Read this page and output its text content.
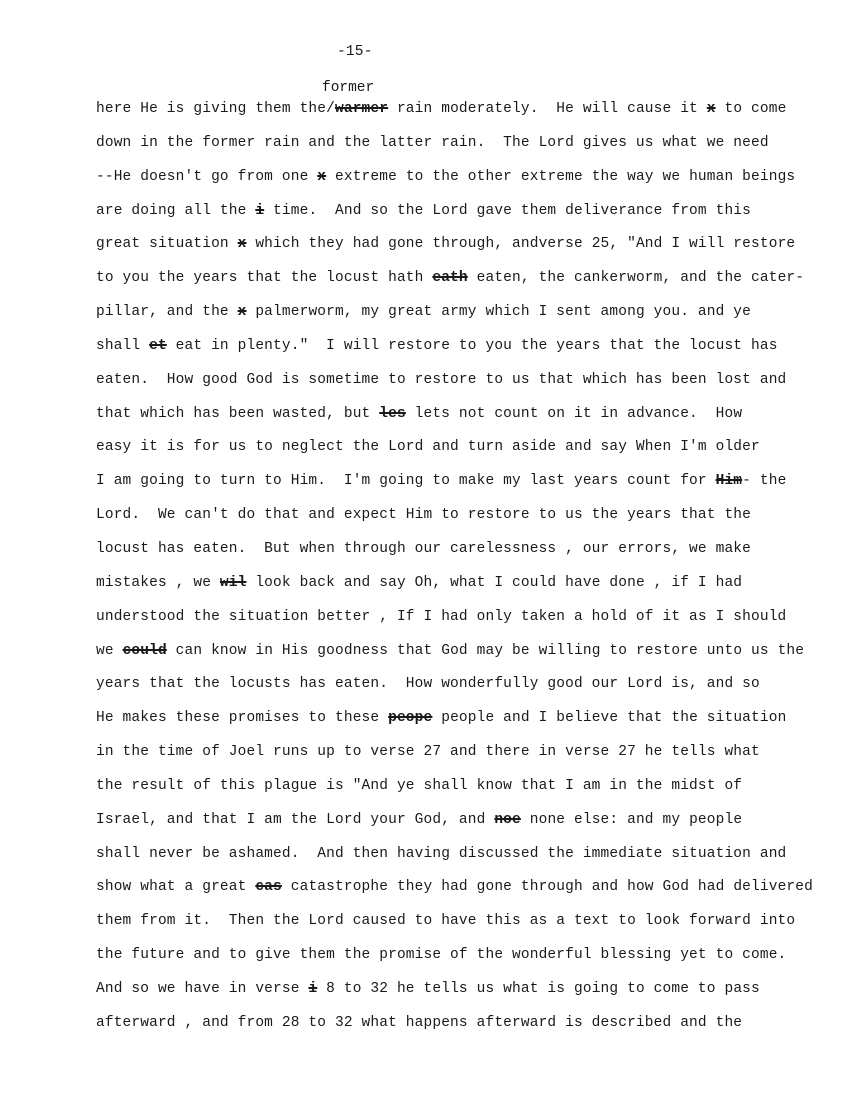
-15-
former
here He is giving them the/warmer rain moderately.  He will cause it x to come
down in the former rain and the latter rain.  The Lord gives us what we need
--He doesn't go from one x extreme to the other extreme the way we human beings
are doing all the i time.  And so the Lord gave them deliverance from this
great situation x which they had gone through, andverse 25, "And I will restore
to you the years that the locust hath eath eaten, the cankerworm, and the cater-
pillar, and the x palmerworm, my great army which I sent among you. and ye
shall et eat in plenty."  I will restore to you the years that the locust has
eaten.  How good God is sometime to restore to us that which has been lost and
that which has been wasted, but les lets not count on it in advance.  How
easy it is for us to neglect the Lord and turn aside and say When I'm older
I am going to turn to Him.  I'm going to make my last years count for Him- the
Lord.  We can't do that and expect Him to restore to us the years that the
locust has eaten.  But when through our carelessness , our errors, we make
mistakes , we wil look back and say Oh, what I could have done , if I had
understood the situation better , If I had only taken a hold of it as I should
we could can know in His goodness that God may be willing to restore unto us the
years that the locusts has eaten.  How wonderfully good our Lord is, and so
He makes these promises to these peope people and I believe that the situation
in the time of Joel runs up to verse 27 and there in verse 27 he tells what
the result of this plague is "And ye shall know that I am in the midst of
Israel, and that I am the Lord your God, and noe none else: and my people
shall never be ashamed.  And then having discussed the immediate situation and
show what a great cas catastrophe they had gone through and how God had delivered
them from it.  Then the Lord caused to have this as a text to look forward into
the future and to give them the promise of the wonderful blessing yet to come.
And so we have in verse i 8 to 32 he tells us what is going to come to pass
afterward , and from 28 to 32 what happens afterward is described and the
